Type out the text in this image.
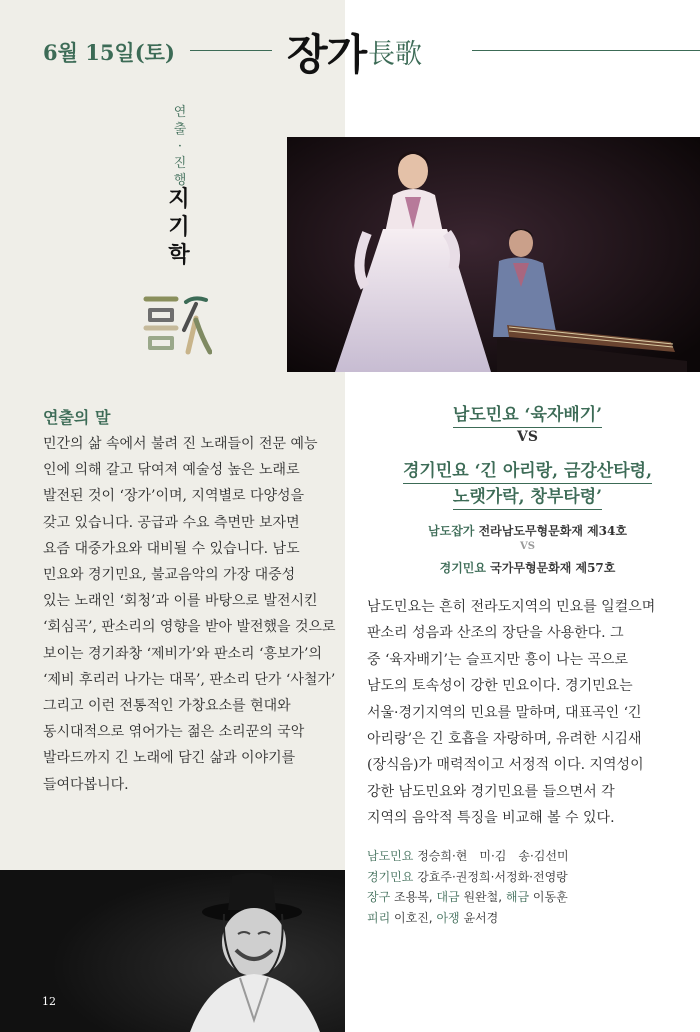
6월 15일(토)	장가 長歌
연
출
·
진
행
지
기
학
연출의 말

민간의 삶 속에서 불려 진 노래들이 전문 예능

인에 의해 갈고 닦여져 예술성 높은 노래로

발전된 것이 ‘장가’이며, 지역별로 다양성을

갖고 있습니다. 공급과 수요 측면만 보자면

요즘 대중가요와 대비될 수 있습니다. 남도

민요와 경기민요, 불교음악의 가장 대중성

있는 노래인 ‘회청’과 이를 바탕으로 발전시킨

‘회심곡’, 판소리의 영향을 받아 발전했을 것으로

보이는 경기좌창 ‘제비가’와 판소리 ‘흥보가’의

‘제비 후리러 나가는 대목’, 판소리 단가 ‘사철가’

그리고 이런 전통적인 가창요소를 현대와

동시대적으로 엮어가는 젊은 소리꾼의 국악

발라드까지 긴 노래에 담긴 삶과 이야기를

들여다봅니다.

남도민요 ‘육자배기’
VS
경기민요 ‘긴 아리랑, 금강산타령,
노랫가락, 창부타령’
남도잡가 전라남도무형문화재 제34호
VS
경기민요 국가무형문화재 제57호

남도민요는 흔히 전라도지역의 민요를 일컬으며

판소리 성음과 산조의 장단을 사용한다. 그

중 ‘육자배기’는 슬프지만 흥이 나는 곡으로

남도의 토속성이 강한 민요이다. 경기민요는

서울·경기지역의 민요를 말하며, 대표곡인 ‘긴

아리랑’은 긴 호흡을 자랑하며, 유려한 시김새

(장식음)가 매력적이고 서정적 이다. 지역성이

강한 남도민요와 경기민요를 들으면서 각

지역의 음악적 특징을 비교해 볼 수 있다.

남도민요 정승희·현　미·김　송·김선미

경기민요 강효주·권정희·서정화·전영랑

장구 조용복, 대금 원완철, 해금 이동훈

피리 이호진, 아쟁 윤서경

12
